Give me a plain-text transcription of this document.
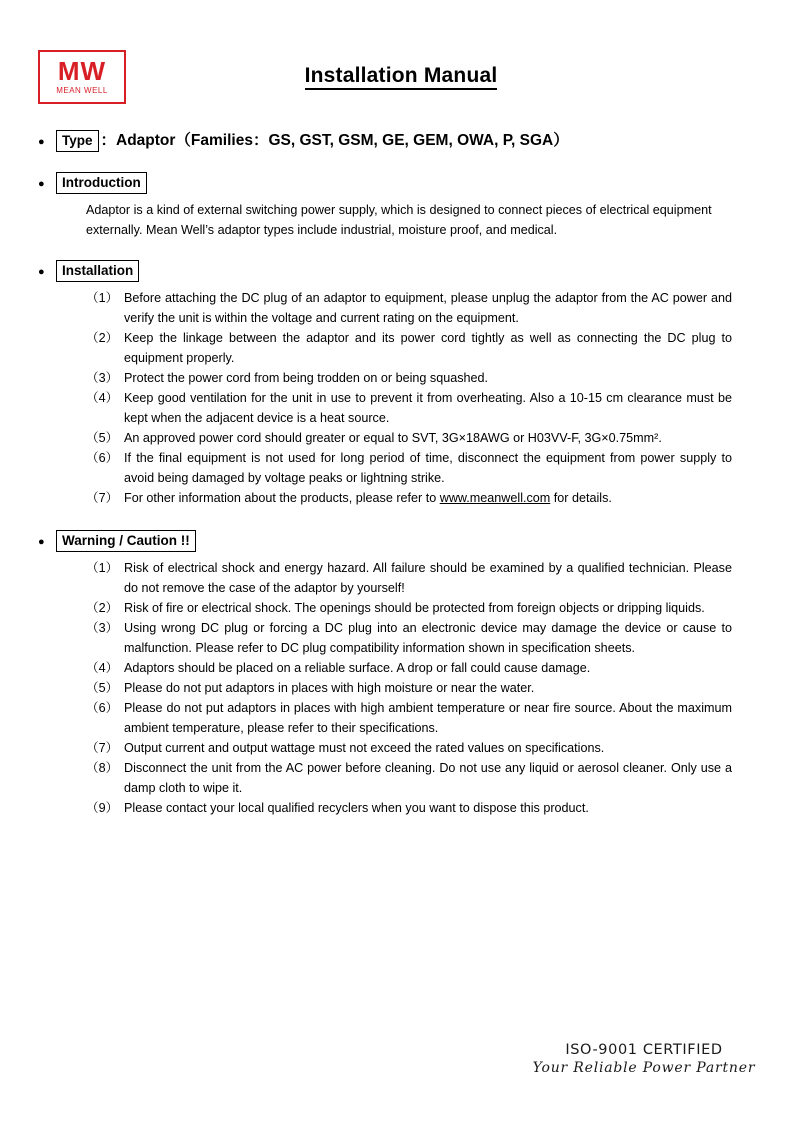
MW
MEAN WELL
Installation Manual
●
Type ：Adaptor（Families：GS, GST, GSM, GE, GEM, OWA, P, SGA）
●
Introduction
Adaptor is a kind of external switching power supply, which is designed to connect pieces of electrical equipment externally. Mean Well’s adaptor types include industrial, moisture proof, and medical.
●
Installation
（1） Before attaching the DC plug of an adaptor to equipment, please unplug the adaptor from the AC power and verify the unit is within the voltage and current rating on the equipment.
（2） Keep the linkage between the adaptor and its power cord tightly as well as connecting the DC plug to equipment properly.
（3） Protect the power cord from being trodden on or being squashed.
（4） Keep good ventilation for the unit in use to prevent it from overheating. Also a 10-15 cm clearance must be kept when the adjacent device is a heat source.
（5） An approved power cord should greater or equal to SVT, 3G×18AWG or H03VV-F, 3G×0.75mm².
（6） If the final equipment is not used for long period of time, disconnect the equipment from power supply to avoid being damaged by voltage peaks or lightning strike.
（7） For other information about the products, please refer to www.meanwell.com for details.
●
Warning / Caution !!
（1） Risk of electrical shock and energy hazard. All failure should be examined by a qualified technician. Please do not remove the case of the adaptor by yourself!
（2） Risk of fire or electrical shock. The openings should be protected from foreign objects or dripping liquids.
（3） Using wrong DC plug or forcing a DC plug into an electronic device may damage the device or cause to malfunction. Please refer to DC plug compatibility information shown in specification sheets.
（4） Adaptors should be placed on a reliable surface. A drop or fall could cause damage.
（5） Please do not put adaptors in places with high moisture or near the water.
（6） Please do not put adaptors in places with high ambient temperature or near fire source. About the maximum ambient temperature, please refer to their specifications.
（7） Output current and output wattage must not exceed the rated values on specifications.
（8） Disconnect the unit from the AC power before cleaning. Do not use any liquid or aerosol cleaner. Only use a damp cloth to wipe it.
（9） Please contact your local qualified recyclers when you want to dispose this product.
ISO-9001 CERTIFIED
Your Reliable Power Partner
